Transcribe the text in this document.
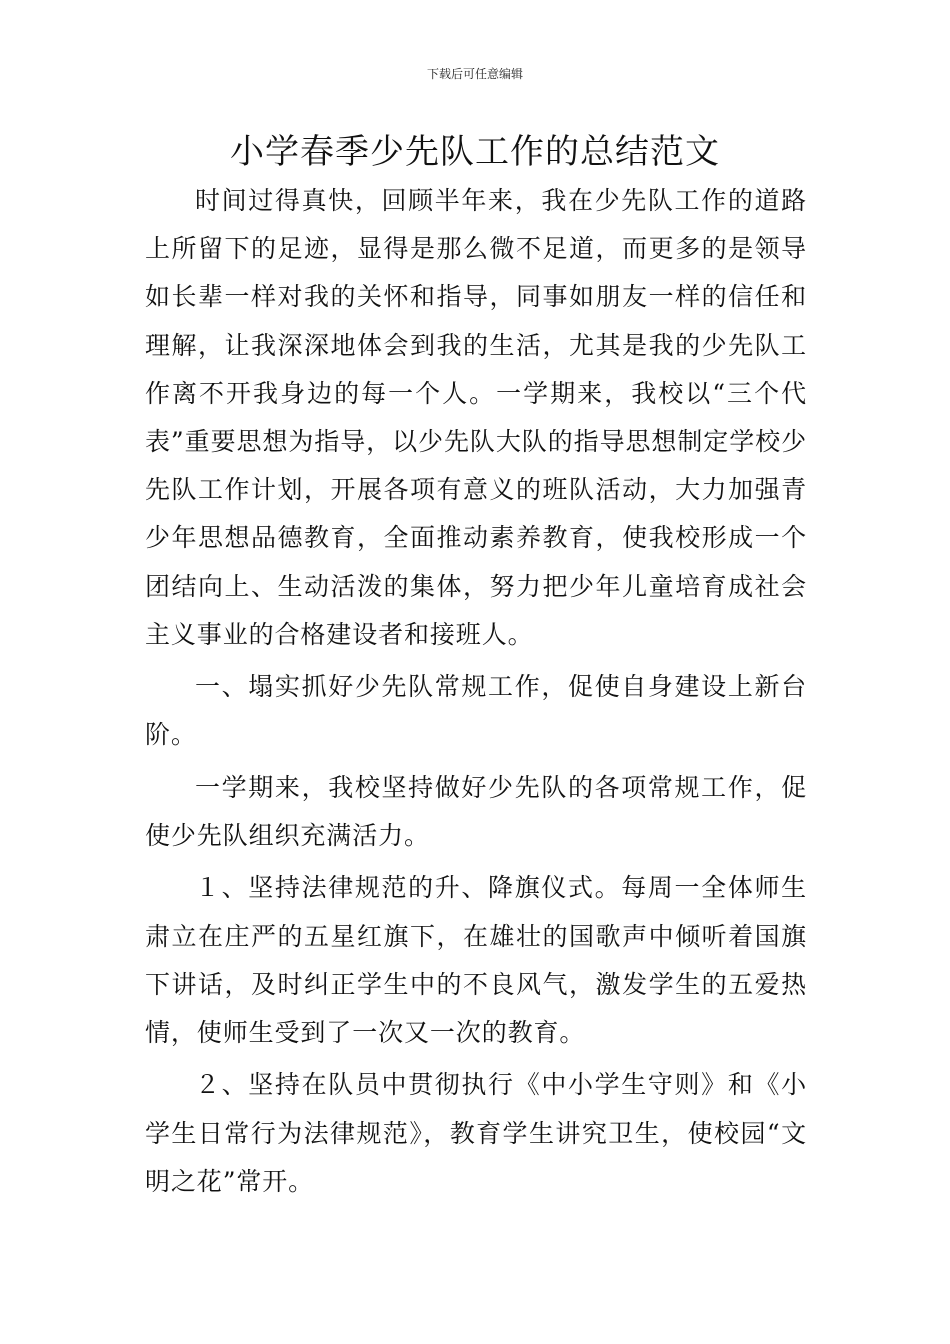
下载后可任意编辑
小学春季少先队工作的总结范文

时间过得真快，回顾半年来，我在少先队工作的道路上所留下的足迹，显得是那么微不足道，而更多的是领导如长辈一样对我的关怀和指导，同事如朋友一样的信任和理解，让我深深地体会到我的生活，尤其是我的少先队工作离不开我身边的每一个人。一学期来，我校以“三个代表”重要思想为指导，以少先队大队的指导思想制定学校少先队工作计划，开展各项有意义的班队活动，大力加强青少年思想品德教育，全面推动素养教育，使我校形成一个团结向上、生动活泼的集体，努力把少年儿童培育成社会主义事业的合格建设者和接班人。

一、塌实抓好少先队常规工作，促使自身建设上新台阶。

一学期来，我校坚持做好少先队的各项常规工作，促使少先队组织充满活力。

１、坚持法律规范的升、降旗仪式。每周一全体师生肃立在庄严的五星红旗下，在雄壮的国歌声中倾听着国旗下讲话，及时纠正学生中的不良风气，激发学生的五爱热情，使师生受到了一次又一次的教育。

２、坚持在队员中贯彻执行《中小学生守则》和《小学生日常行为法律规范》，教育学生讲究卫生，使校园“文明之花”常开。
